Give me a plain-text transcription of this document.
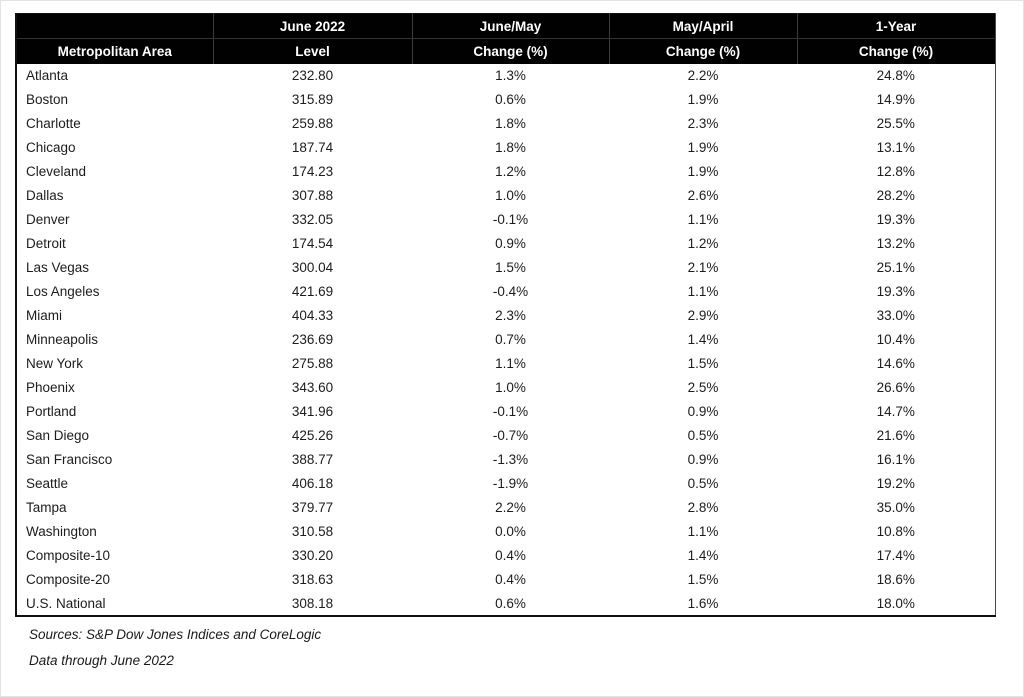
	June 2022	June/May	May/April	1-Year
Metropolitan Area	Level	Change (%)	Change (%)	Change (%)
Atlanta	232.80	1.3%	2.2%	24.8%
Boston	315.89	0.6%	1.9%	14.9%
Charlotte	259.88	1.8%	2.3%	25.5%
Chicago	187.74	1.8%	1.9%	13.1%
Cleveland	174.23	1.2%	1.9%	12.8%
Dallas	307.88	1.0%	2.6%	28.2%
Denver	332.05	-0.1%	1.1%	19.3%
Detroit	174.54	0.9%	1.2%	13.2%
Las Vegas	300.04	1.5%	2.1%	25.1%
Los Angeles	421.69	-0.4%	1.1%	19.3%
Miami	404.33	2.3%	2.9%	33.0%
Minneapolis	236.69	0.7%	1.4%	10.4%
New York	275.88	1.1%	1.5%	14.6%
Phoenix	343.60	1.0%	2.5%	26.6%
Portland	341.96	-0.1%	0.9%	14.7%
San Diego	425.26	-0.7%	0.5%	21.6%
San Francisco	388.77	-1.3%	0.9%	16.1%
Seattle	406.18	-1.9%	0.5%	19.2%
Tampa	379.77	2.2%	2.8%	35.0%
Washington	310.58	0.0%	1.1%	10.8%
Composite-10	330.20	0.4%	1.4%	17.4%
Composite-20	318.63	0.4%	1.5%	18.6%
U.S. National	308.18	0.6%	1.6%	18.0%
Sources: S&P Dow Jones Indices and CoreLogic
Data through June 2022
